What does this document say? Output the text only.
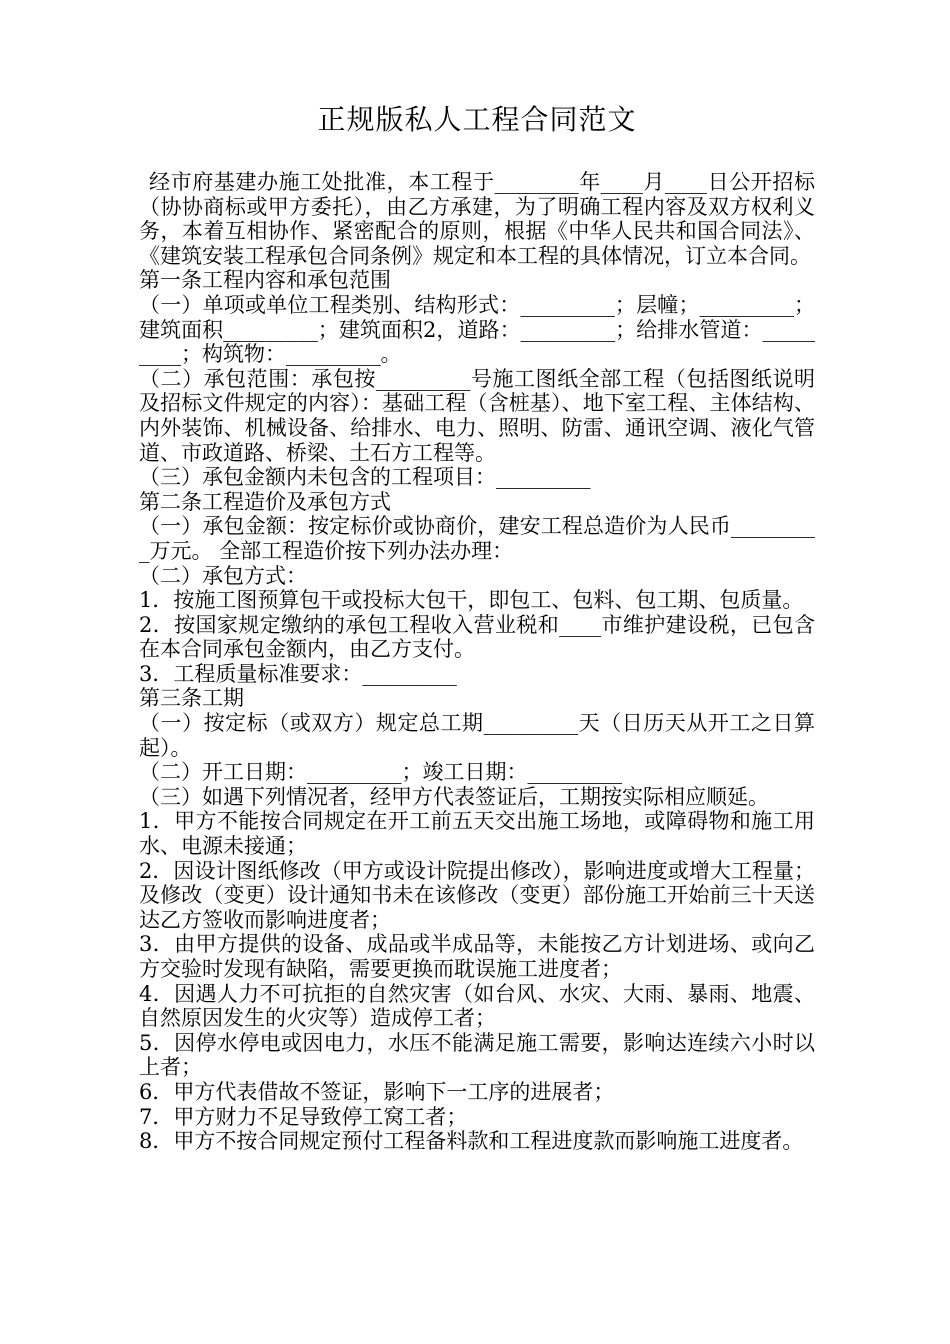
正规版私人工程合同范文

经市府基建办施工处批准，本工程于________年____月____日公开招标（协协商标或甲方委托），由乙方承建，为了明确工程内容及双方权利义务，本着互相协作、紧密配合的原则，根据《中华人民共和国合同法》、《建筑安装工程承包合同条例》规定和本工程的具体情况，订立本合同。

第一条工程内容和承包范围

（一）单项或单位工程类别、结构形式：_________；层幢；_________；建筑面积_________；建筑面积2，道路：_________；给排水管道：_________；构筑物：_________。

（二）承包范围：承包按_________号施工图纸全部工程（包括图纸说明及招标文件规定的内容）：基础工程（含桩基）、地下室工程、主体结构、内外装饰、机械设备、给排水、电力、照明、防雷、通讯空调、液化气管道、市政道路、桥梁、土石方工程等。

（三）承包金额内未包含的工程项目：_________

第二条工程造价及承包方式

（一）承包金额：按定标价或协商价，建安工程总造价为人民币_________万元。 全部工程造价按下列办法办理：

（二）承包方式：

1．按施工图预算包干或投标大包干，即包工、包料、包工期、包质量。

2．按国家规定缴纳的承包工程收入营业税和____市维护建设税，已包含在本合同承包金额内，由乙方支付。

3．工程质量标准要求：_________

第三条工期

（一）按定标（或双方）规定总工期_________天（日历天从开工之日算起）。

（二）开工日期：_________；竣工日期：_________

（三）如遇下列情况者，经甲方代表签证后，工期按实际相应顺延。

1．甲方不能按合同规定在开工前五天交出施工场地，或障碍物和施工用水、电源未接通；

2．因设计图纸修改（甲方或设计院提出修改），影响进度或增大工程量；及修改（变更）设计通知书未在该修改（变更）部份施工开始前三十天送达乙方签收而影响进度者；

3．由甲方提供的设备、成品或半成品等，未能按乙方计划进场、或向乙方交验时发现有缺陷，需要更换而耽误施工进度者；

4．因遇人力不可抗拒的自然灾害（如台风、水灾、大雨、暴雨、地震、自然原因发生的火灾等）造成停工者；

5．因停水停电或因电力，水压不能满足施工需要，影响达连续六小时以上者；

6．甲方代表借故不签证，影响下一工序的进展者；

7．甲方财力不足导致停工窝工者；

8．甲方不按合同规定预付工程备料款和工程进度款而影响施工进度者。
